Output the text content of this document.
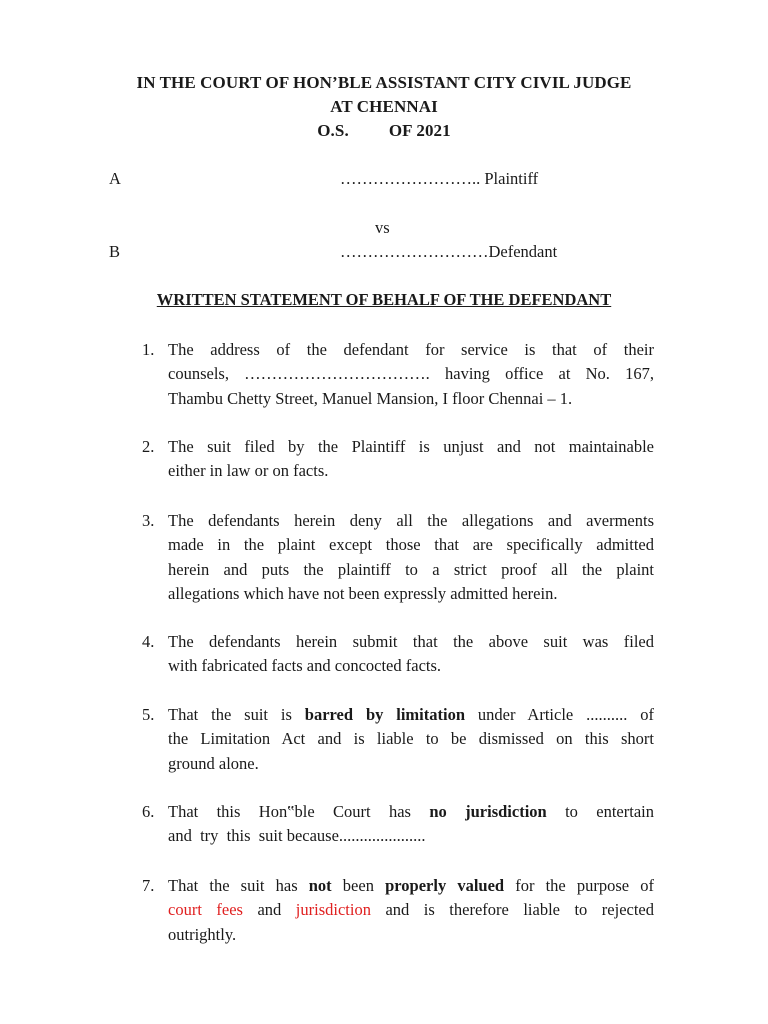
IN THE COURT OF HON’BLE ASSISTANT CITY CIVIL JUDGE
AT CHENNAI
O.S. OF 2021
A	…………………….. Plaintiff
vs
B	………………………Defendant
WRITTEN STATEMENT OF BEHALF OF THE DEFENDANT
1. The address of the defendant for service is that of their
counsels, ……………………………. having office at No. 167,
Thambu Chetty Street, Manuel Mansion, I floor Chennai – 1.
2. The suit filed by the Plaintiff is unjust and not maintainable
either in law or on facts.
3. The defendants herein deny all the allegations and averments
made in the plaint except those that are specifically admitted
herein and puts the plaintiff to a strict proof all the plaint
allegations which have not been expressly admitted herein.
4. The defendants herein submit that the above suit was filed
with fabricated facts and concocted facts.
5. That the suit is barred by limitation under Article .......... of
the Limitation Act and is liable to be dismissed on this short
ground alone.
6. That this Hon‟ble Court has no jurisdiction to entertain
and  try  this  suit because.....................
7. That the suit has not been properly valued for the purpose of
court fees and jurisdiction and is therefore liable to rejected
outrightly.
